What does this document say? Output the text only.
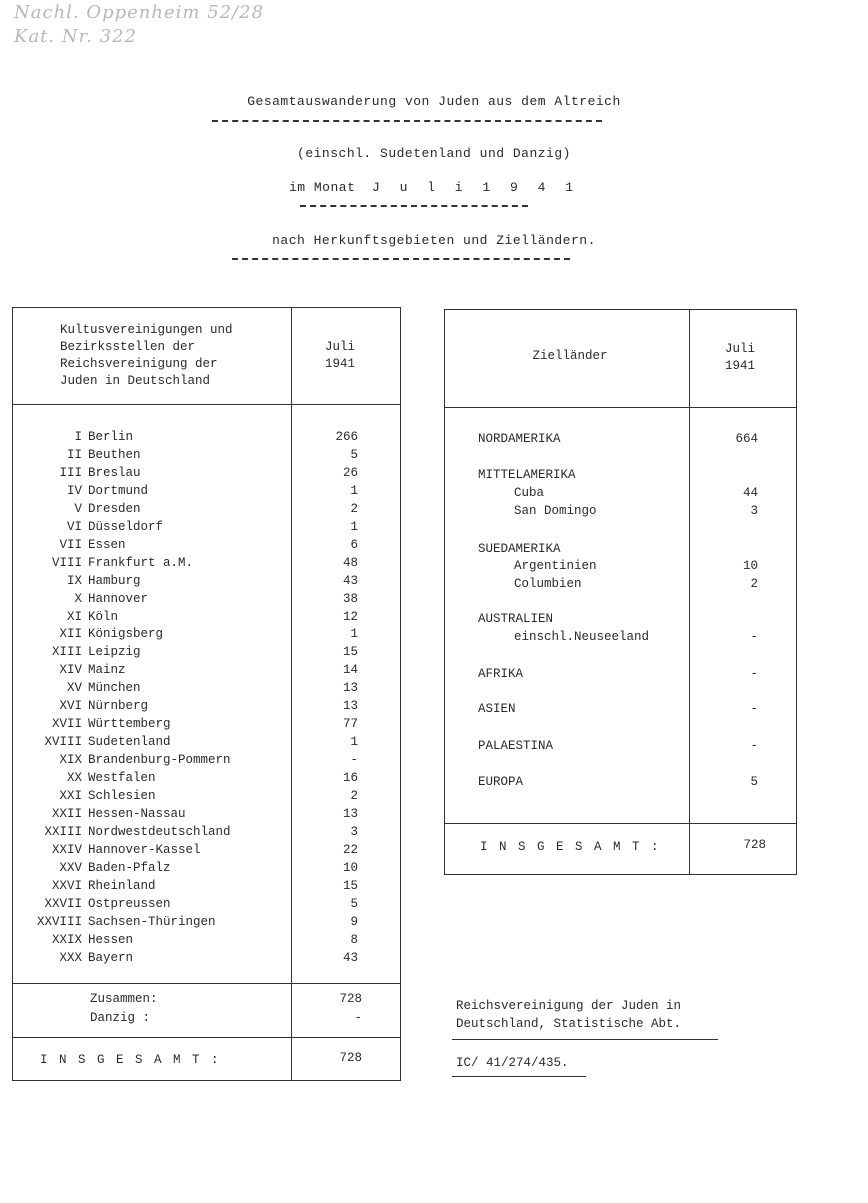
Nachl. Oppenheim 52/28
Kat. Nr. 322
Gesamtauswanderung von Juden aus dem Altreich
(einschl. Sudetenland und Danzig)
im Monat J u l i 1 9 4 1
nach Herkunftsgebieten und Zielländern.
Kultusvereinigungen und
Bezirksstellen der
Reichsvereinigung der
Juden in Deutschland
Juli
1941
I Berlin	266
II Beuthen	5
III Breslau	26
IV Dortmund	1
V Dresden	2
VI Düsseldorf	1
VII Essen	6
VIII Frankfurt a.M.	48
IX Hamburg	43
X Hannover	38
XI Köln	12
XII Königsberg	1
XIII Leipzig	15
XIV Mainz	14
XV München	13
XVI Nürnberg	13
XVII Württemberg	77
XVIII Sudetenland	1
XIX Brandenburg-Pommern	-
XX Westfalen	16
XXI Schlesien	2
XXII Hessen-Nassau	13
XXIII Nordwestdeutschland	3
XXIV Hannover-Kassel	22
XXV Baden-Pfalz	10
XXVI Rheinland	15
XXVII Ostpreussen	5
XXVIII Sachsen-Thüringen	9
XXIX Hessen	8
XXX Bayern	43
Zusammen:	728
Danzig :	-
I N S G E S A M T :	728
Zielländer	Juli
1941
NORDAMERIKA	664
MITTELAMERIKA
Cuba	44
San Domingo	3
SUEDAMERIKA
Argentinien	10
Columbien	2
AUSTRALIEN
einschl.Neuseeland	-
AFRIKA	-
ASIEN	-
PALAESTINA	-
EUROPA	5
I N S G E S A M T :	728
Reichsvereinigung der Juden in
Deutschland, Statistische Abt.
IC/ 41/274/435.
